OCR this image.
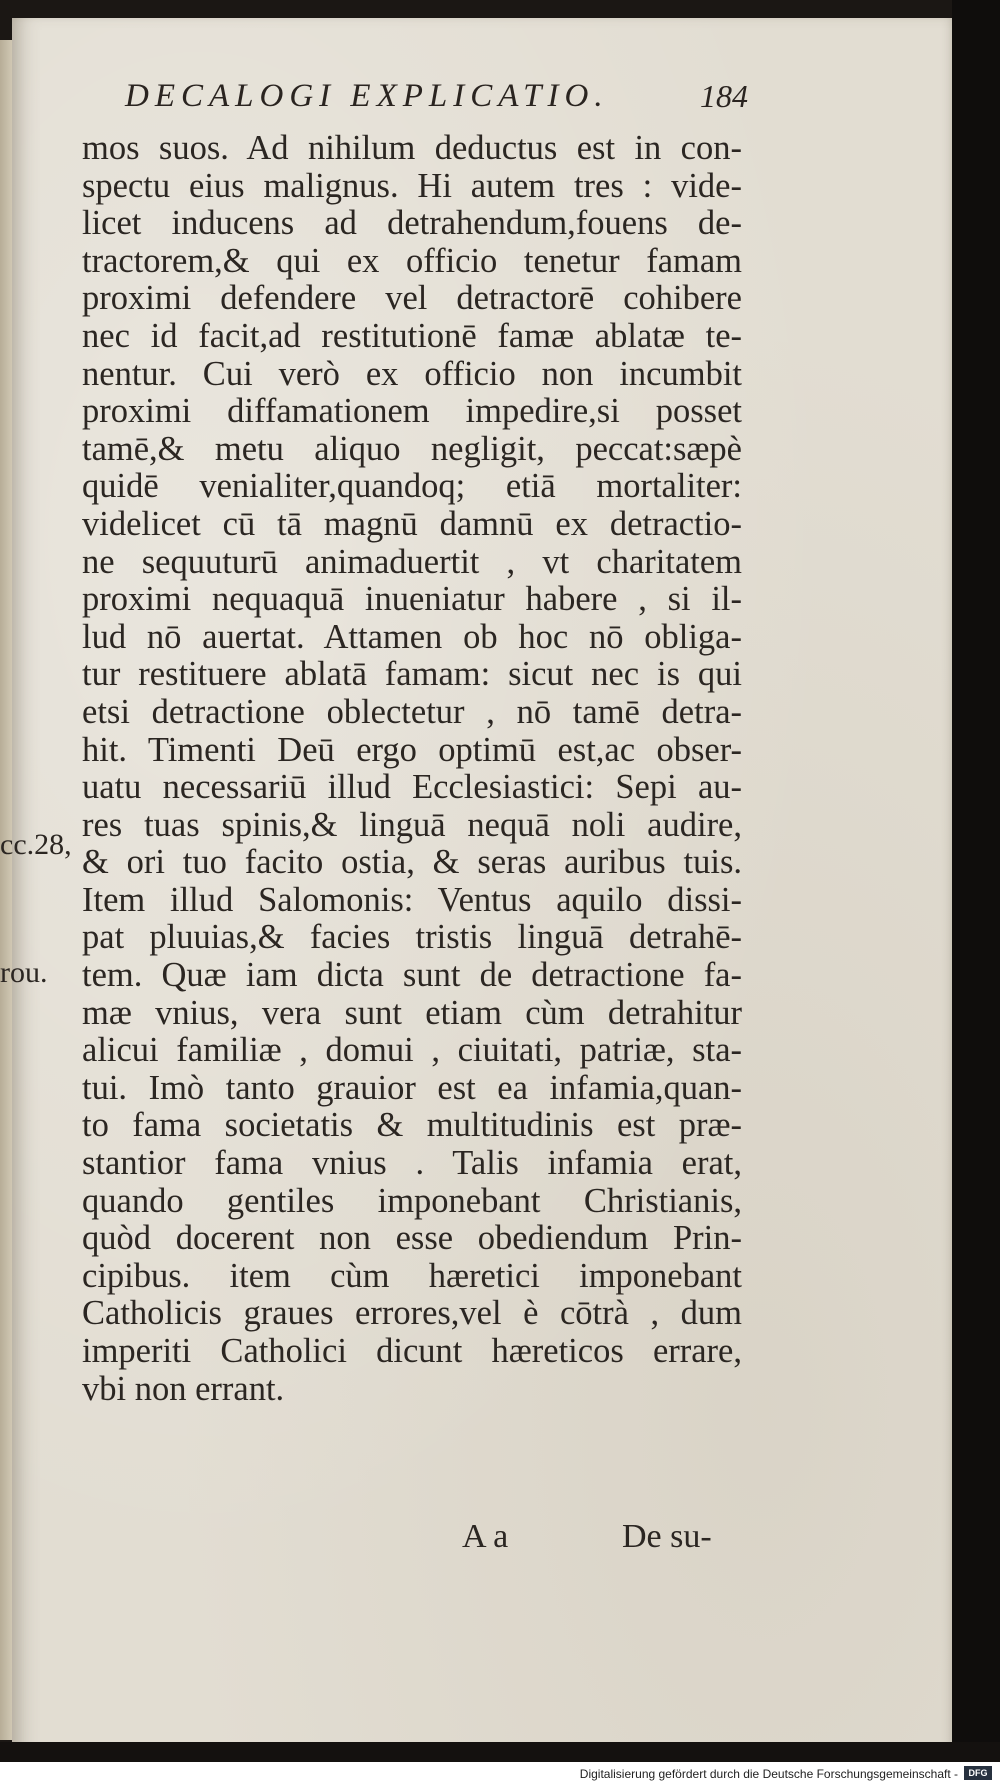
DECALOGI EXPLICATIO.	184
mos suos. Ad nihilum deductus est in con-
spectu eius malignus. Hi autem tres : vide-
licet inducens ad detrahendum,fouens de-
tractorem,& qui ex officio tenetur famam
proximi defendere vel detractorē cohibere
nec id facit,ad restitutionē famæ ablatæ te-
nentur. Cui verò ex officio non incumbit
proximi diffamationem impedire,si posset
tamē,& metu aliquo negligit, peccat:sæpè
quidē venialiter,quandoq; etiā mortaliter:
videlicet cū tā magnū damnū ex detractio-
ne sequuturū animaduertit , vt charitatem
proximi nequaquā inueniatur habere , si il-
lud nō auertat. Attamen ob hoc nō obliga-
tur restituere ablatā famam: sicut nec is qui
etsi detractione oblectetur , nō tamē detra-
hit. Timenti Deū ergo optimū est,ac obser-
uatu necessariū illud Ecclesiastici: Sepi au-
res tuas spinis,& linguā nequā noli audire,
& ori tuo facito ostia, & seras auribus tuis.
Item illud Salomonis: Ventus aquilo dissi-
pat pluuias,& facies tristis linguā detrahē-
tem. Quæ iam dicta sunt de detractione fa-
mæ vnius, vera sunt etiam cùm detrahitur
alicui familiæ , domui , ciuitati, patriæ, sta-
tui. Imò tanto grauior est ea infamia,quan-
to fama societatis & multitudinis est præ-
stantior fama vnius . Talis infamia erat,
quando gentiles imponebant Christianis,
quòd docerent non esse obediendum Prin-
cipibus. item cùm hæretici imponebant
Catholicis graues errores,vel è cōtrà , dum
imperiti Catholici dicunt hæreticos errare,
vbi non errant.
cc.28,
rou.
A a	De su-
Digitalisierung gefördert durch die Deutsche Forschungsgemeinschaft -	DFG
